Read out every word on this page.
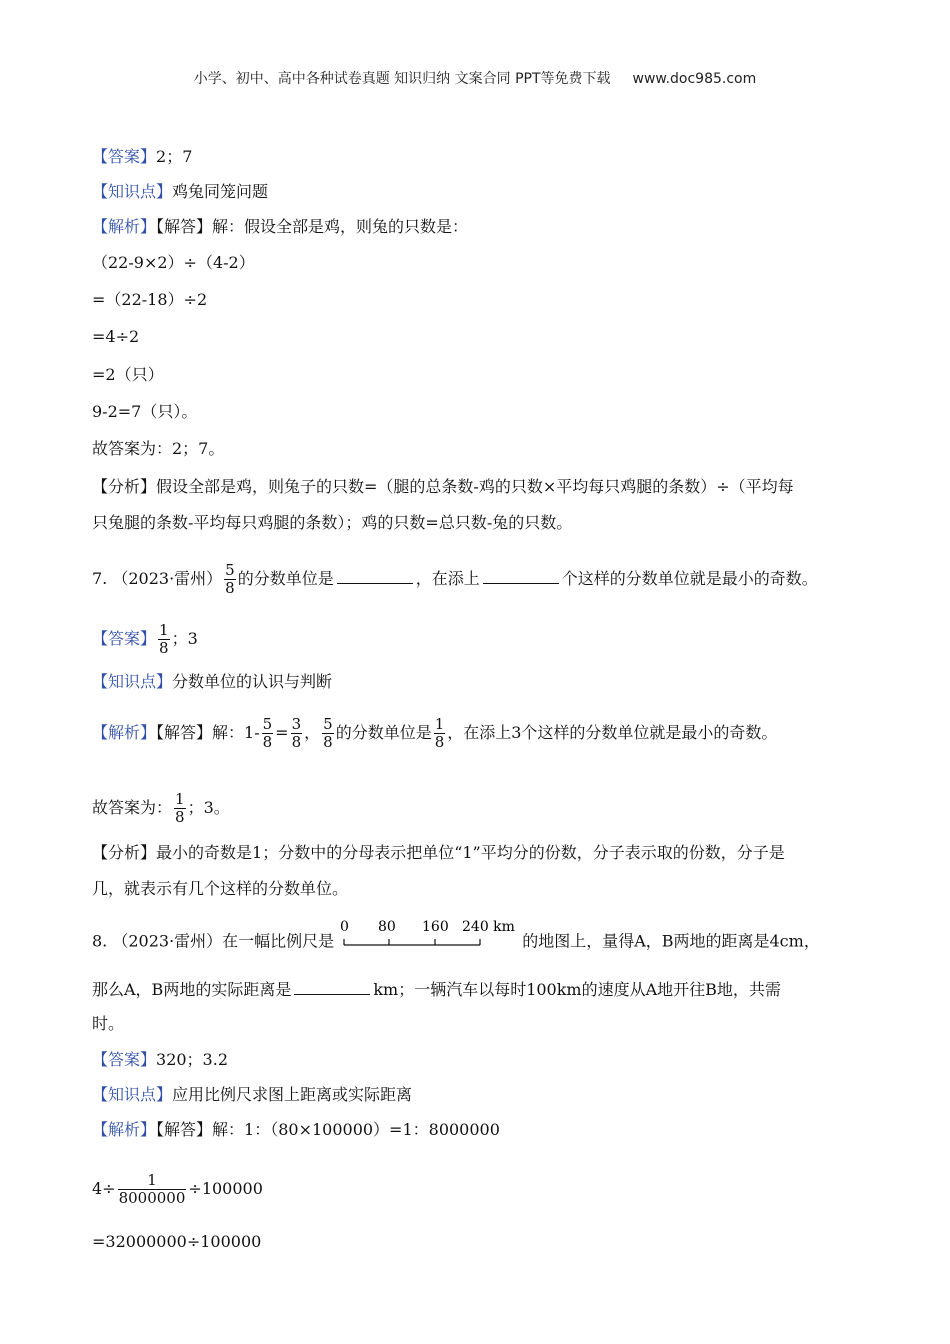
小学、初中、高中各种试卷真题 知识归纳 文案合同 PPT等免费下载 www.doc985.com
【答案】2；7
【知识点】鸡兔同笼问题
【解析】【解答】解：假设全部是鸡，则兔的只数是：
（22-9×2）÷（4-2）
=（22-18）÷2
=4÷2
=2（只）
9-2=7（只）。
故答案为：2；7。
【分析】假设全部是鸡，则兔子的只数=（腿的总条数-鸡的只数×平均每只鸡腿的条数）÷（平均每
只兔腿的条数-平均每只鸡腿的条数）；鸡的只数=总只数-兔的只数。
7. （2023·雷州） $\frac{5}{8}$ 的分数单位是	，在添上	个这样的分数单位就是最小的奇数。
【答案】 $\frac{1}{8}$ ；3
【知识点】分数单位的认识与判断
【解析】【解答】解：$1- \frac{5}{8} = \frac{3}{8}$ ， $\frac{5}{8}$ 的分数单位是 $\frac{1}{8}$ ，在添上3个这样的分数单位就是最小的奇数。
故答案为： $\frac{1}{8}$ ；3。
【分析】最小的奇数是1；分数中的分母表示把单位“1”平均分的份数，分子表示取的份数，分子是
几，就表示有几个这样的分数单位。
8. （2023·雷州）在一幅比例尺是
0 80 160 240 km
的地图上，量得A，B两地的距离是4cm，
那么A，B两地的实际距离是	km；一辆汽车以每时100km的速度从A地开往B地，共需
时。
【答案】320；3.2
【知识点】应用比例尺求图上距离或实际距离
【解析】【解答】解：1：（80×100000）=1：8000000
$4\div \frac{1}{8000000} \div 100000$
=32000000÷100000
